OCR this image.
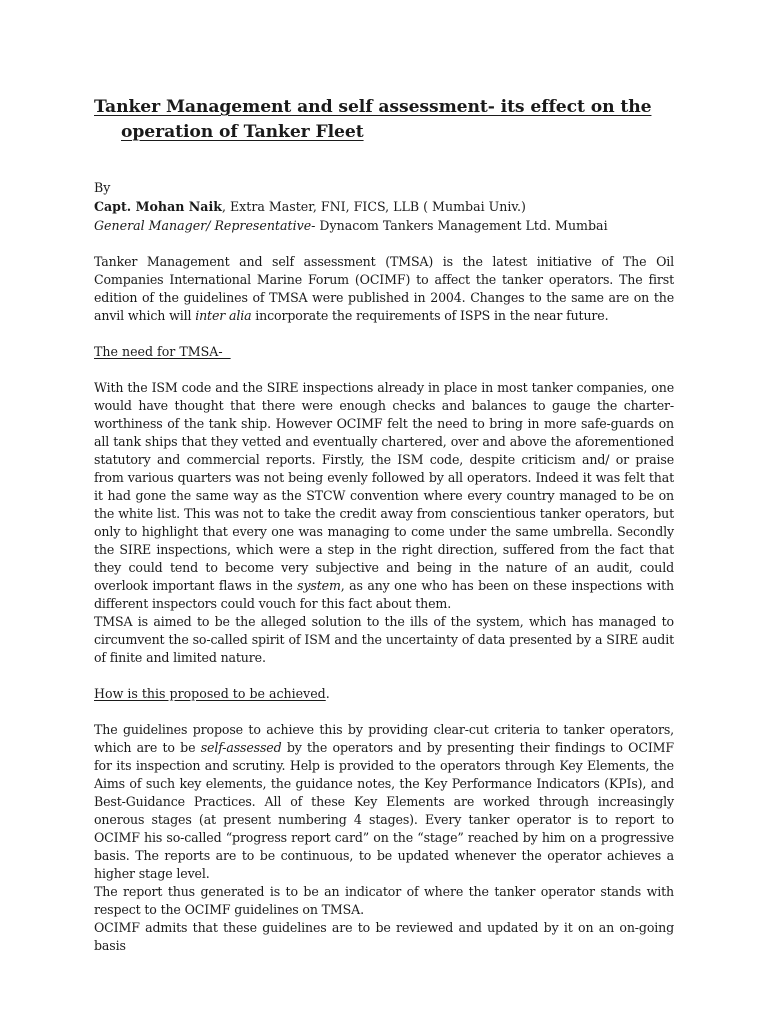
Tanker Management and self assessment- its effect on the operation of Tanker Fleet
By
Capt. Mohan Naik, Extra Master, FNI, FICS, LLB ( Mumbai Univ.)
General Manager/ Representative- Dynacom Tankers Management Ltd. Mumbai

Tanker Management and self assessment (TMSA) is the latest initiative of The Oil Companies International Marine Forum (OCIMF) to affect the tanker operators. The first edition of the guidelines of TMSA were published in 2004. Changes to the same are on the anvil which will inter alia incorporate the requirements of ISPS in the near future.

The need for TMSA-

With the ISM code and the SIRE inspections already in place in most tanker companies, one would have thought that there were enough checks and balances to gauge the charter-worthiness of the tank ship. However OCIMF felt the need to bring in more safe-guards on all tank ships that they vetted and eventually chartered, over and above the aforementioned statutory and commercial reports. Firstly, the ISM code, despite criticism and/ or praise from various quarters was not being evenly followed by all operators. Indeed it was felt that it had gone the same way as the STCW convention where every country managed to be on the white list. This was not to take the credit away from conscientious tanker operators, but only to highlight that every one was managing to come under the same umbrella. Secondly the SIRE inspections, which were a step in the right direction, suffered from the fact that they could tend to become very subjective and being in the nature of an audit, could overlook important flaws in the system, as any one who has been on these inspections with different inspectors could vouch for this fact about them.

TMSA is aimed to be the alleged solution to the ills of the system, which has managed to circumvent the so-called spirit of ISM and the uncertainty of data presented by a SIRE audit of finite and limited nature.

How is this proposed to be achieved.

The guidelines propose to achieve this by providing clear-cut criteria to tanker operators, which are to be self-assessed by the operators and by presenting their findings to OCIMF for its inspection and scrutiny. Help is provided to the operators through Key Elements, the Aims of such key elements, the guidance notes, the Key Performance Indicators (KPIs), and Best-Guidance Practices. All of these Key Elements are worked through increasingly onerous stages (at present numbering 4 stages). Every tanker operator is to report to OCIMF his so-called “progress report card” on the “stage” reached by him on a progressive basis. The reports are to be continuous, to be updated whenever the operator achieves a higher stage level.

The report thus generated is to be an indicator of where the tanker operator stands with respect to the OCIMF guidelines on TMSA.

OCIMF admits that these guidelines are to be reviewed and updated by it on an on-going basis
